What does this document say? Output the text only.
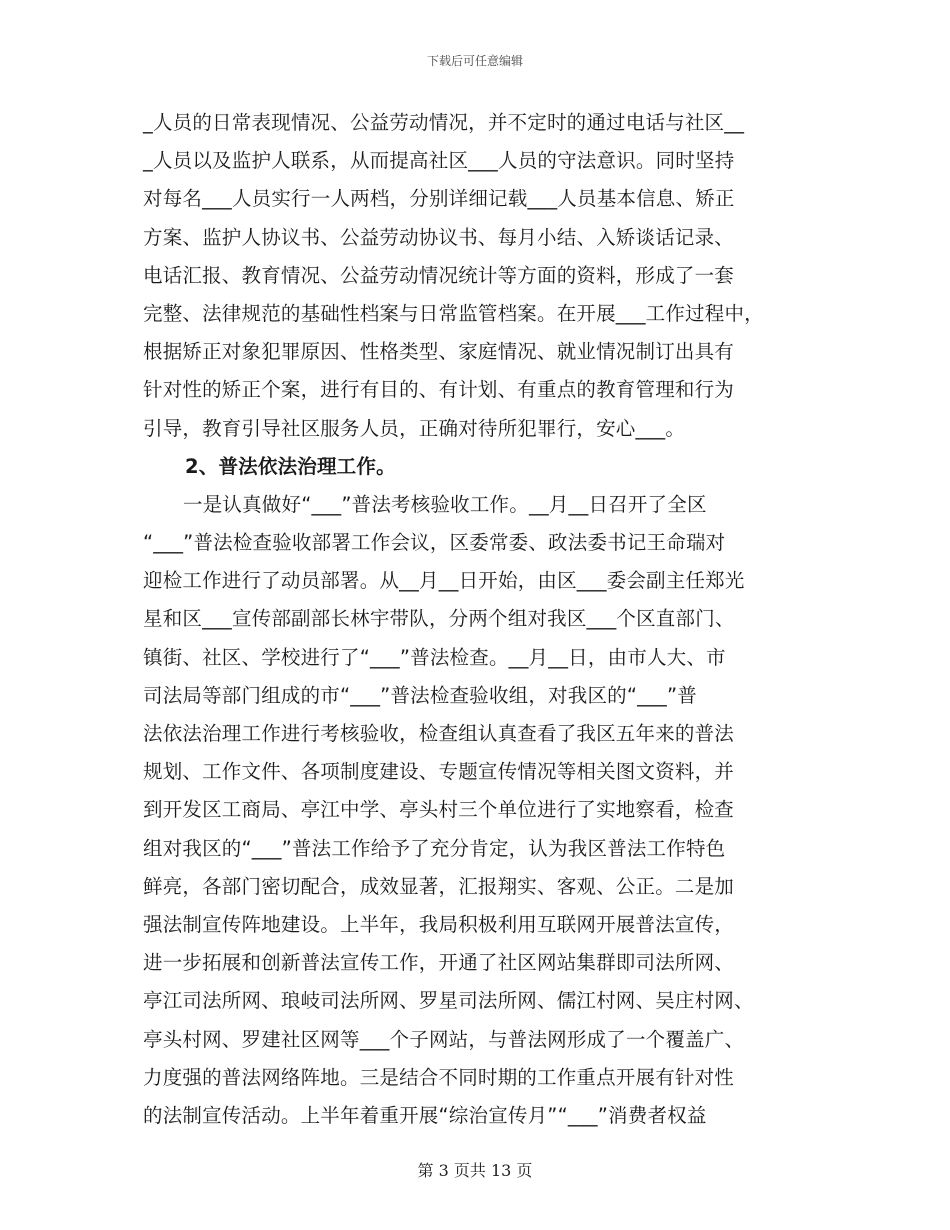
下载后可任意编辑
_人员的日常表现情况、公益劳动情况，并不定时的通过电话与社区__
_人员以及监护人联系，从而提高社区___人员的守法意识。同时坚持
对每名___人员实行一人两档，分别详细记载___人员基本信息、矫正
方案、监护人协议书、公益劳动协议书、每月小结、入矫谈话记录、
电话汇报、教育情况、公益劳动情况统计等方面的资料，形成了一套
完整、法律规范的基础性档案与日常监管档案。在开展___工作过程中，
根据矫正对象犯罪原因、性格类型、家庭情况、就业情况制订出具有
针对性的矫正个案，进行有目的、有计划、有重点的教育管理和行为
引导，教育引导社区服务人员，正确对待所犯罪行，安心___。
2、普法依法治理工作。
一是认真做好“___”普法考核验收工作。__月__日召开了全区
“___”普法检查验收部署工作会议，区委常委、政法委书记王命瑞对
迎检工作进行了动员部署。从__月__日开始，由区___委会副主任郑光
星和区___宣传部副部长林宇带队，分两个组对我区___个区直部门、
镇街、社区、学校进行了“___”普法检查。__月__日，由市人大、市
司法局等部门组成的市“___”普法检查验收组，对我区的“___”普
法依法治理工作进行考核验收，检查组认真查看了我区五年来的普法
规划、工作文件、各项制度建设、专题宣传情况等相关图文资料，并
到开发区工商局、亭江中学、亭头村三个单位进行了实地察看，检查
组对我区的“___”普法工作给予了充分肯定，认为我区普法工作特色
鲜亮，各部门密切配合，成效显著，汇报翔实、客观、公正。二是加
强法制宣传阵地建设。上半年，我局积极利用互联网开展普法宣传，
进一步拓展和创新普法宣传工作，开通了社区网站集群即司法所网、
亭江司法所网、琅岐司法所网、罗星司法所网、儒江村网、吴庄村网、
亭头村网、罗建社区网等___个子网站，与普法网形成了一个覆盖广、
力度强的普法网络阵地。三是结合不同时期的工作重点开展有针对性
的法制宣传活动。上半年着重开展“综治宣传月”“___”消费者权益
第 3 页共 13 页
